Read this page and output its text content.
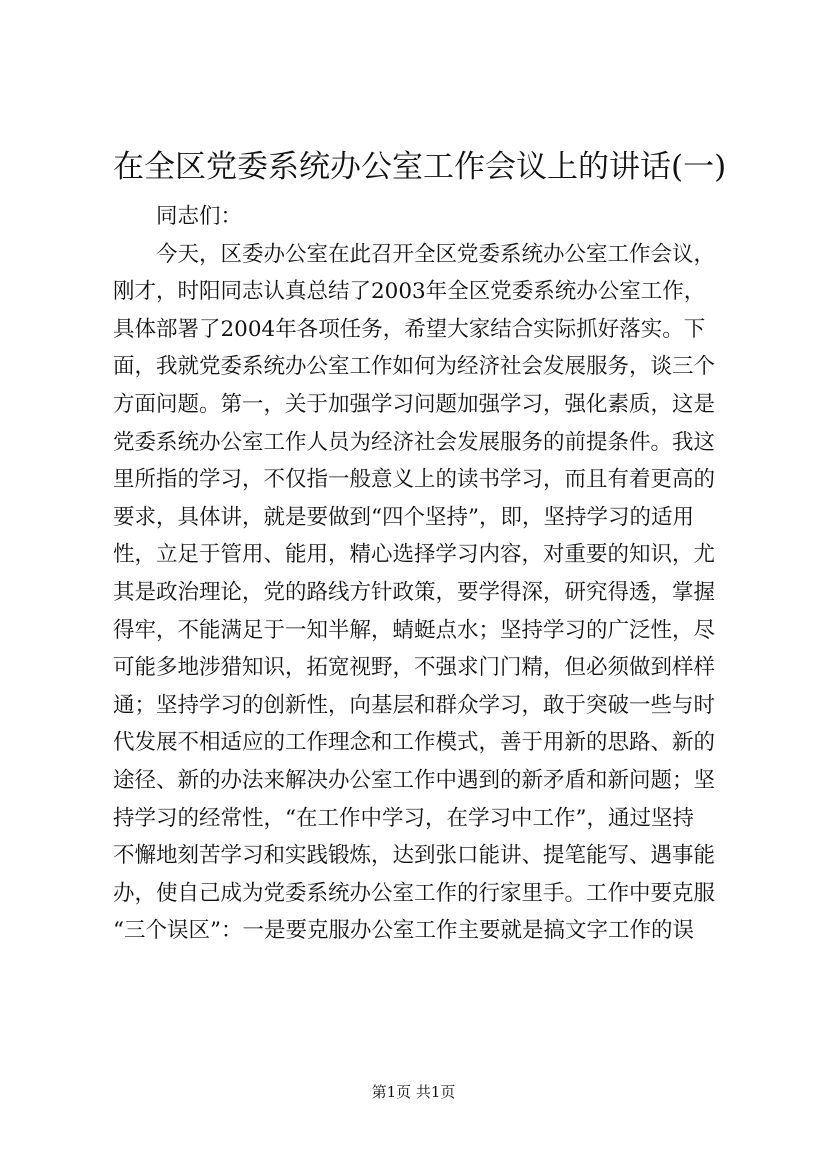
在全区党委系统办公室工作会议上的讲话(一)
同志们：
今天，区委办公室在此召开全区党委系统办公室工作会议，
刚才，时阳同志认真总结了2003年全区党委系统办公室工作，
具体部署了2004年各项任务，希望大家结合实际抓好落实。下
面，我就党委系统办公室工作如何为经济社会发展服务，谈三个
方面问题。第一，关于加强学习问题加强学习，强化素质，这是
党委系统办公室工作人员为经济社会发展服务的前提条件。我这
里所指的学习，不仅指一般意义上的读书学习，而且有着更高的
要求，具体讲，就是要做到“四个坚持”，即，坚持学习的适用
性，立足于管用、能用，精心选择学习内容，对重要的知识，尤
其是政治理论，党的路线方针政策，要学得深，研究得透，掌握
得牢，不能满足于一知半解，蜻蜓点水；坚持学习的广泛性，尽
可能多地涉猎知识，拓宽视野，不强求门门精，但必须做到样样
通；坚持学习的创新性，向基层和群众学习，敢于突破一些与时
代发展不相适应的工作理念和工作模式，善于用新的思路、新的
途径、新的办法来解决办公室工作中遇到的新矛盾和新问题；坚
持学习的经常性，“在工作中学习，在学习中工作”，通过坚持
不懈地刻苦学习和实践锻炼，达到张口能讲、提笔能写、遇事能
办，使自己成为党委系统办公室工作的行家里手。工作中要克服
“三个误区”：一是要克服办公室工作主要就是搞文字工作的误
第1页 共1页
